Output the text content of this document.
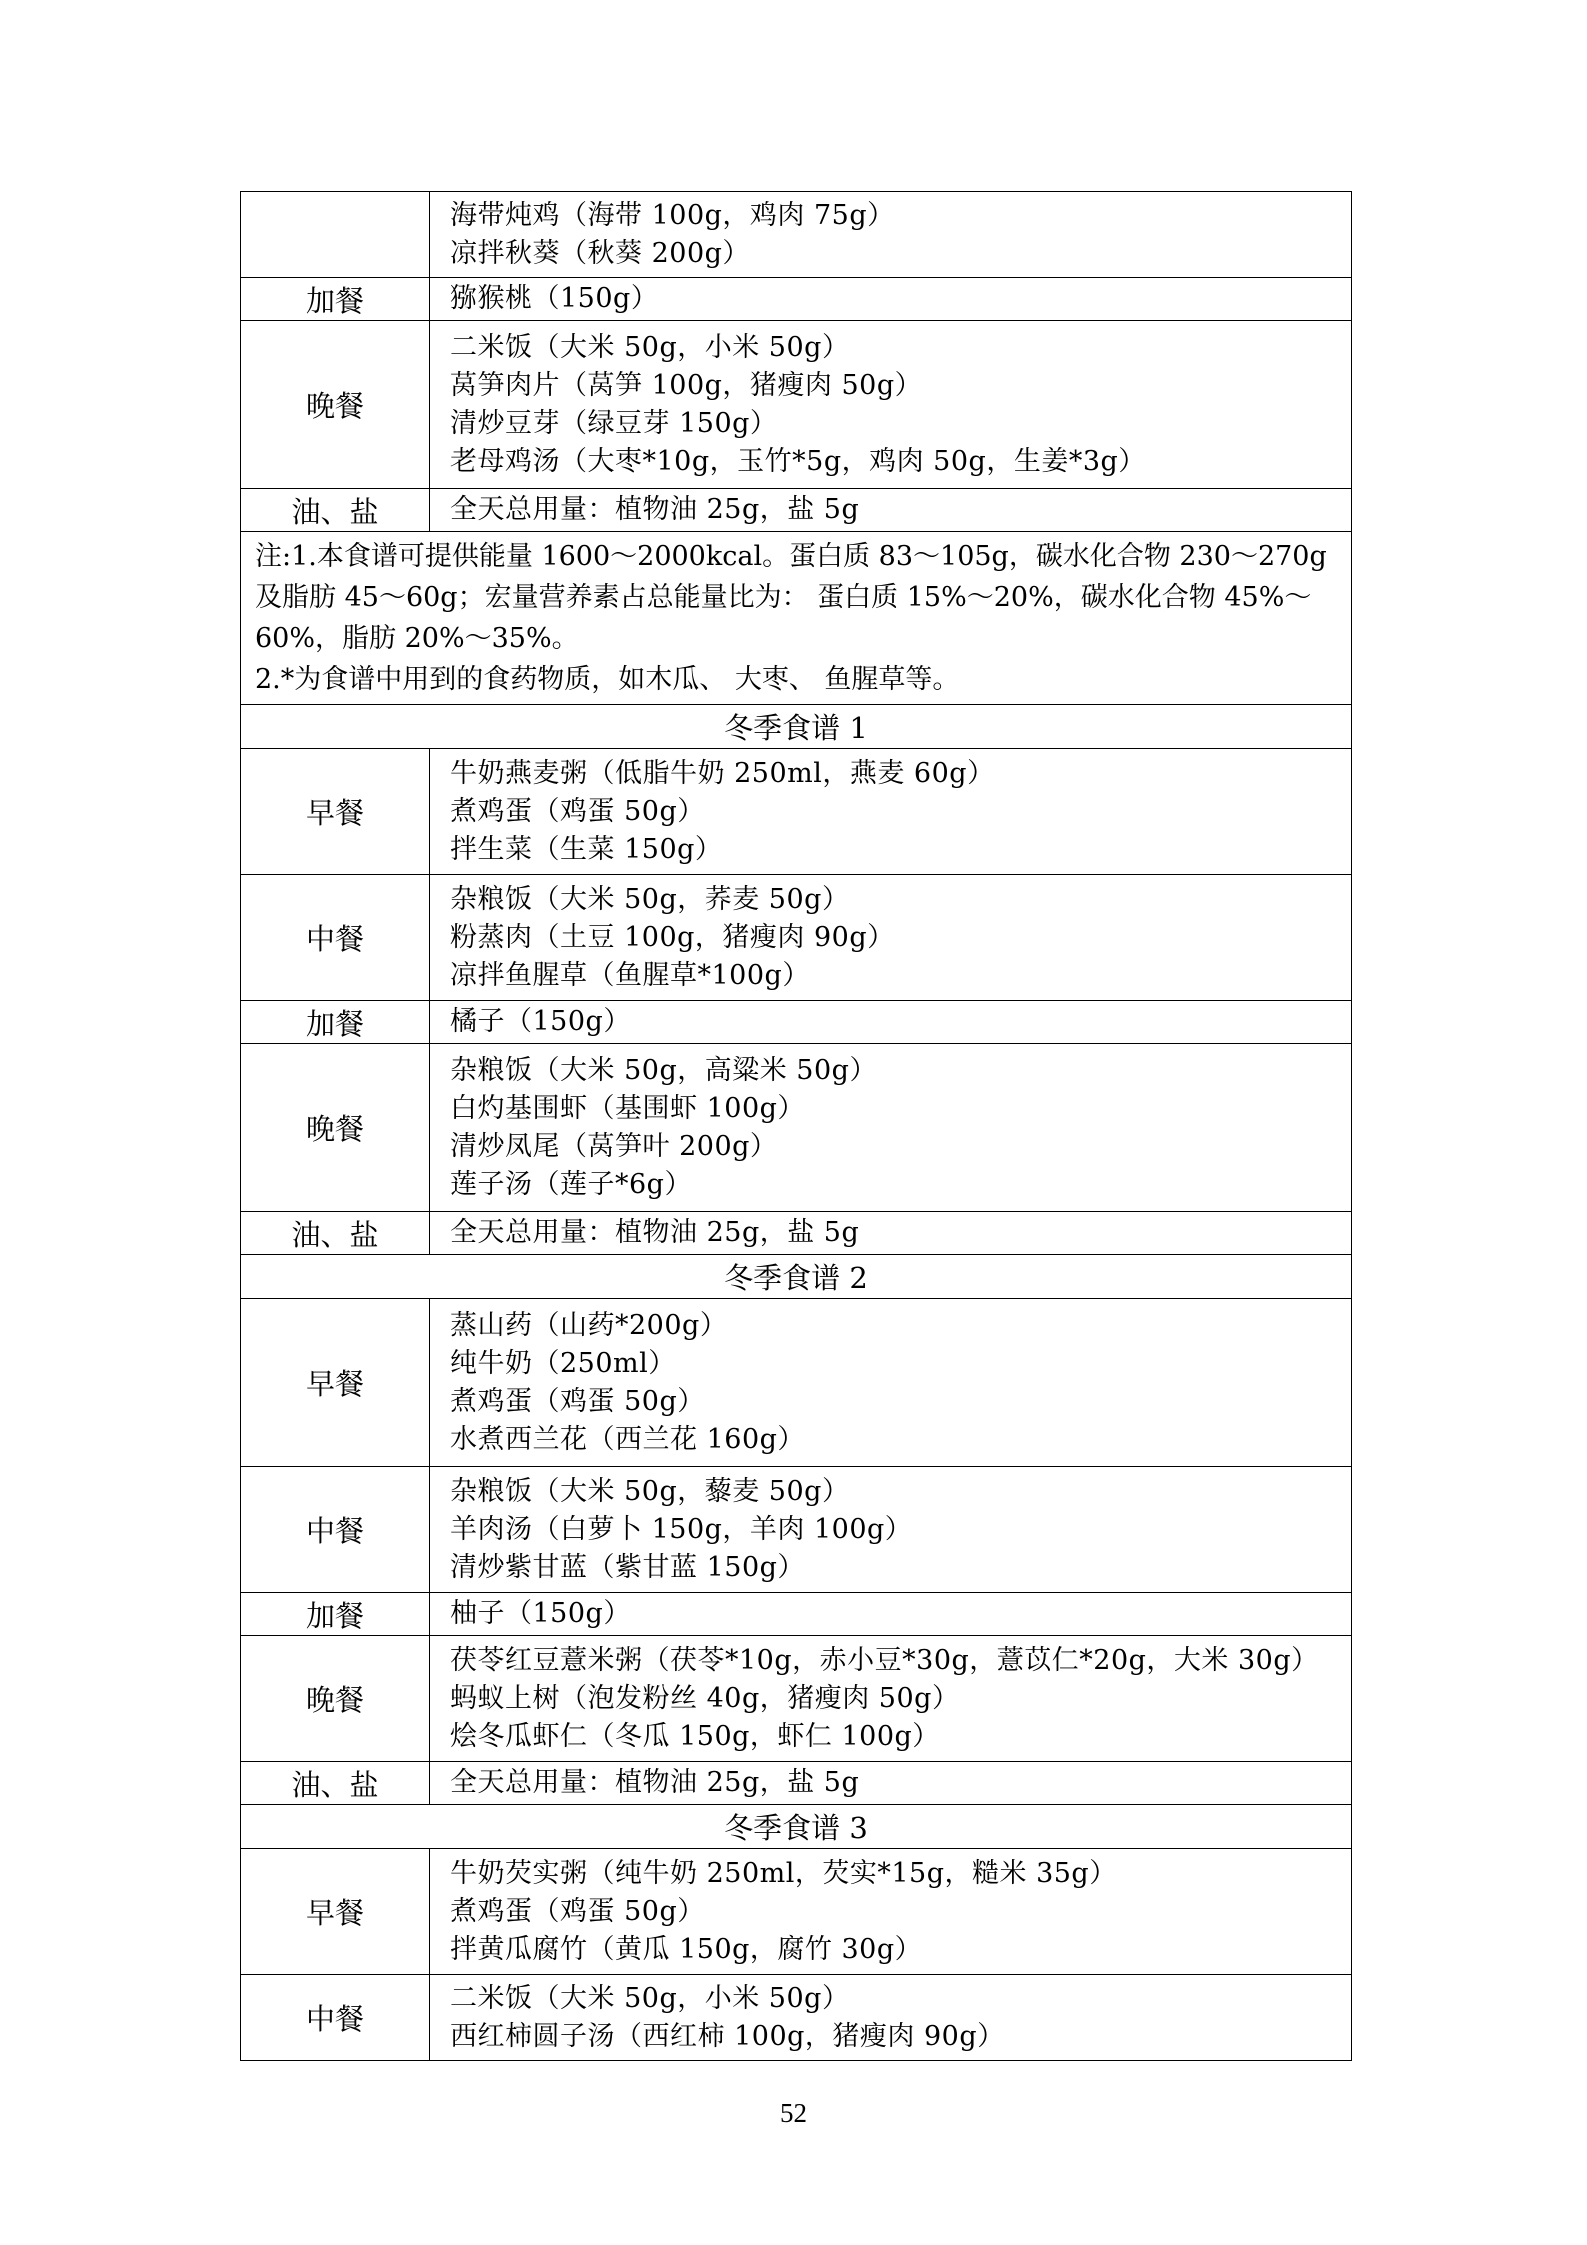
	海带炖鸡（海带 100g，鸡肉 75g）
凉拌秋葵（秋葵 200g）

加餐	猕猴桃（150g）

晚餐	二米饭（大米 50g，小米 50g）
莴笋肉片（莴笋 100g，猪瘦肉 50g）
清炒豆芽（绿豆芽 150g）
老母鸡汤（大枣*10g，玉竹*5g，鸡肉 50g，生姜*3g）

油、盐	全天总用量：植物油 25g，盐 5g

注:1.本食谱可提供能量 1600～2000kcal。蛋白质 83～105g，碳水化合物 230～270g 及脂肪 45～60g；宏量营养素占总能量比为： 蛋白质 15%～20%，碳水化合物 45%～60%，脂肪 20%～35%。
2.*为食谱中用到的食药物质，如木瓜、 大枣、 鱼腥草等。	

冬季食谱 1	
早餐	牛奶燕麦粥（低脂牛奶 250ml，燕麦 60g）
煮鸡蛋（鸡蛋 50g）
拌生菜（生菜 150g）

中餐	杂粮饭（大米 50g，荞麦 50g）
粉蒸肉（土豆 100g，猪瘦肉 90g）
凉拌鱼腥草（鱼腥草*100g）

加餐	橘子（150g）

晚餐	杂粮饭（大米 50g，高粱米 50g）
白灼基围虾（基围虾 100g）
清炒凤尾（莴笋叶 200g）
莲子汤（莲子*6g）

油、盐	全天总用量：植物油 25g，盐 5g

冬季食谱 2	
早餐	蒸山药（山药*200g）
纯牛奶（250ml）
煮鸡蛋（鸡蛋 50g）
水煮西兰花（西兰花 160g）

中餐	杂粮饭（大米 50g，藜麦 50g）
羊肉汤（白萝卜 150g，羊肉 100g）
清炒紫甘蓝（紫甘蓝 150g）

加餐	柚子（150g）

晚餐	茯苓红豆薏米粥（茯苓*10g，赤小豆*30g，薏苡仁*20g，大米 30g）
蚂蚁上树（泡发粉丝 40g，猪瘦肉 50g）
烩冬瓜虾仁（冬瓜 150g，虾仁 100g）

油、盐	全天总用量：植物油 25g，盐 5g

冬季食谱 3	
早餐	牛奶芡实粥（纯牛奶 250ml，芡实*15g，糙米 35g）
煮鸡蛋（鸡蛋 50g）
拌黄瓜腐竹（黄瓜 150g，腐竹 30g）

中餐	二米饭（大米 50g，小米 50g）
西红柿圆子汤（西红柿 100g，猪瘦肉 90g）
52
